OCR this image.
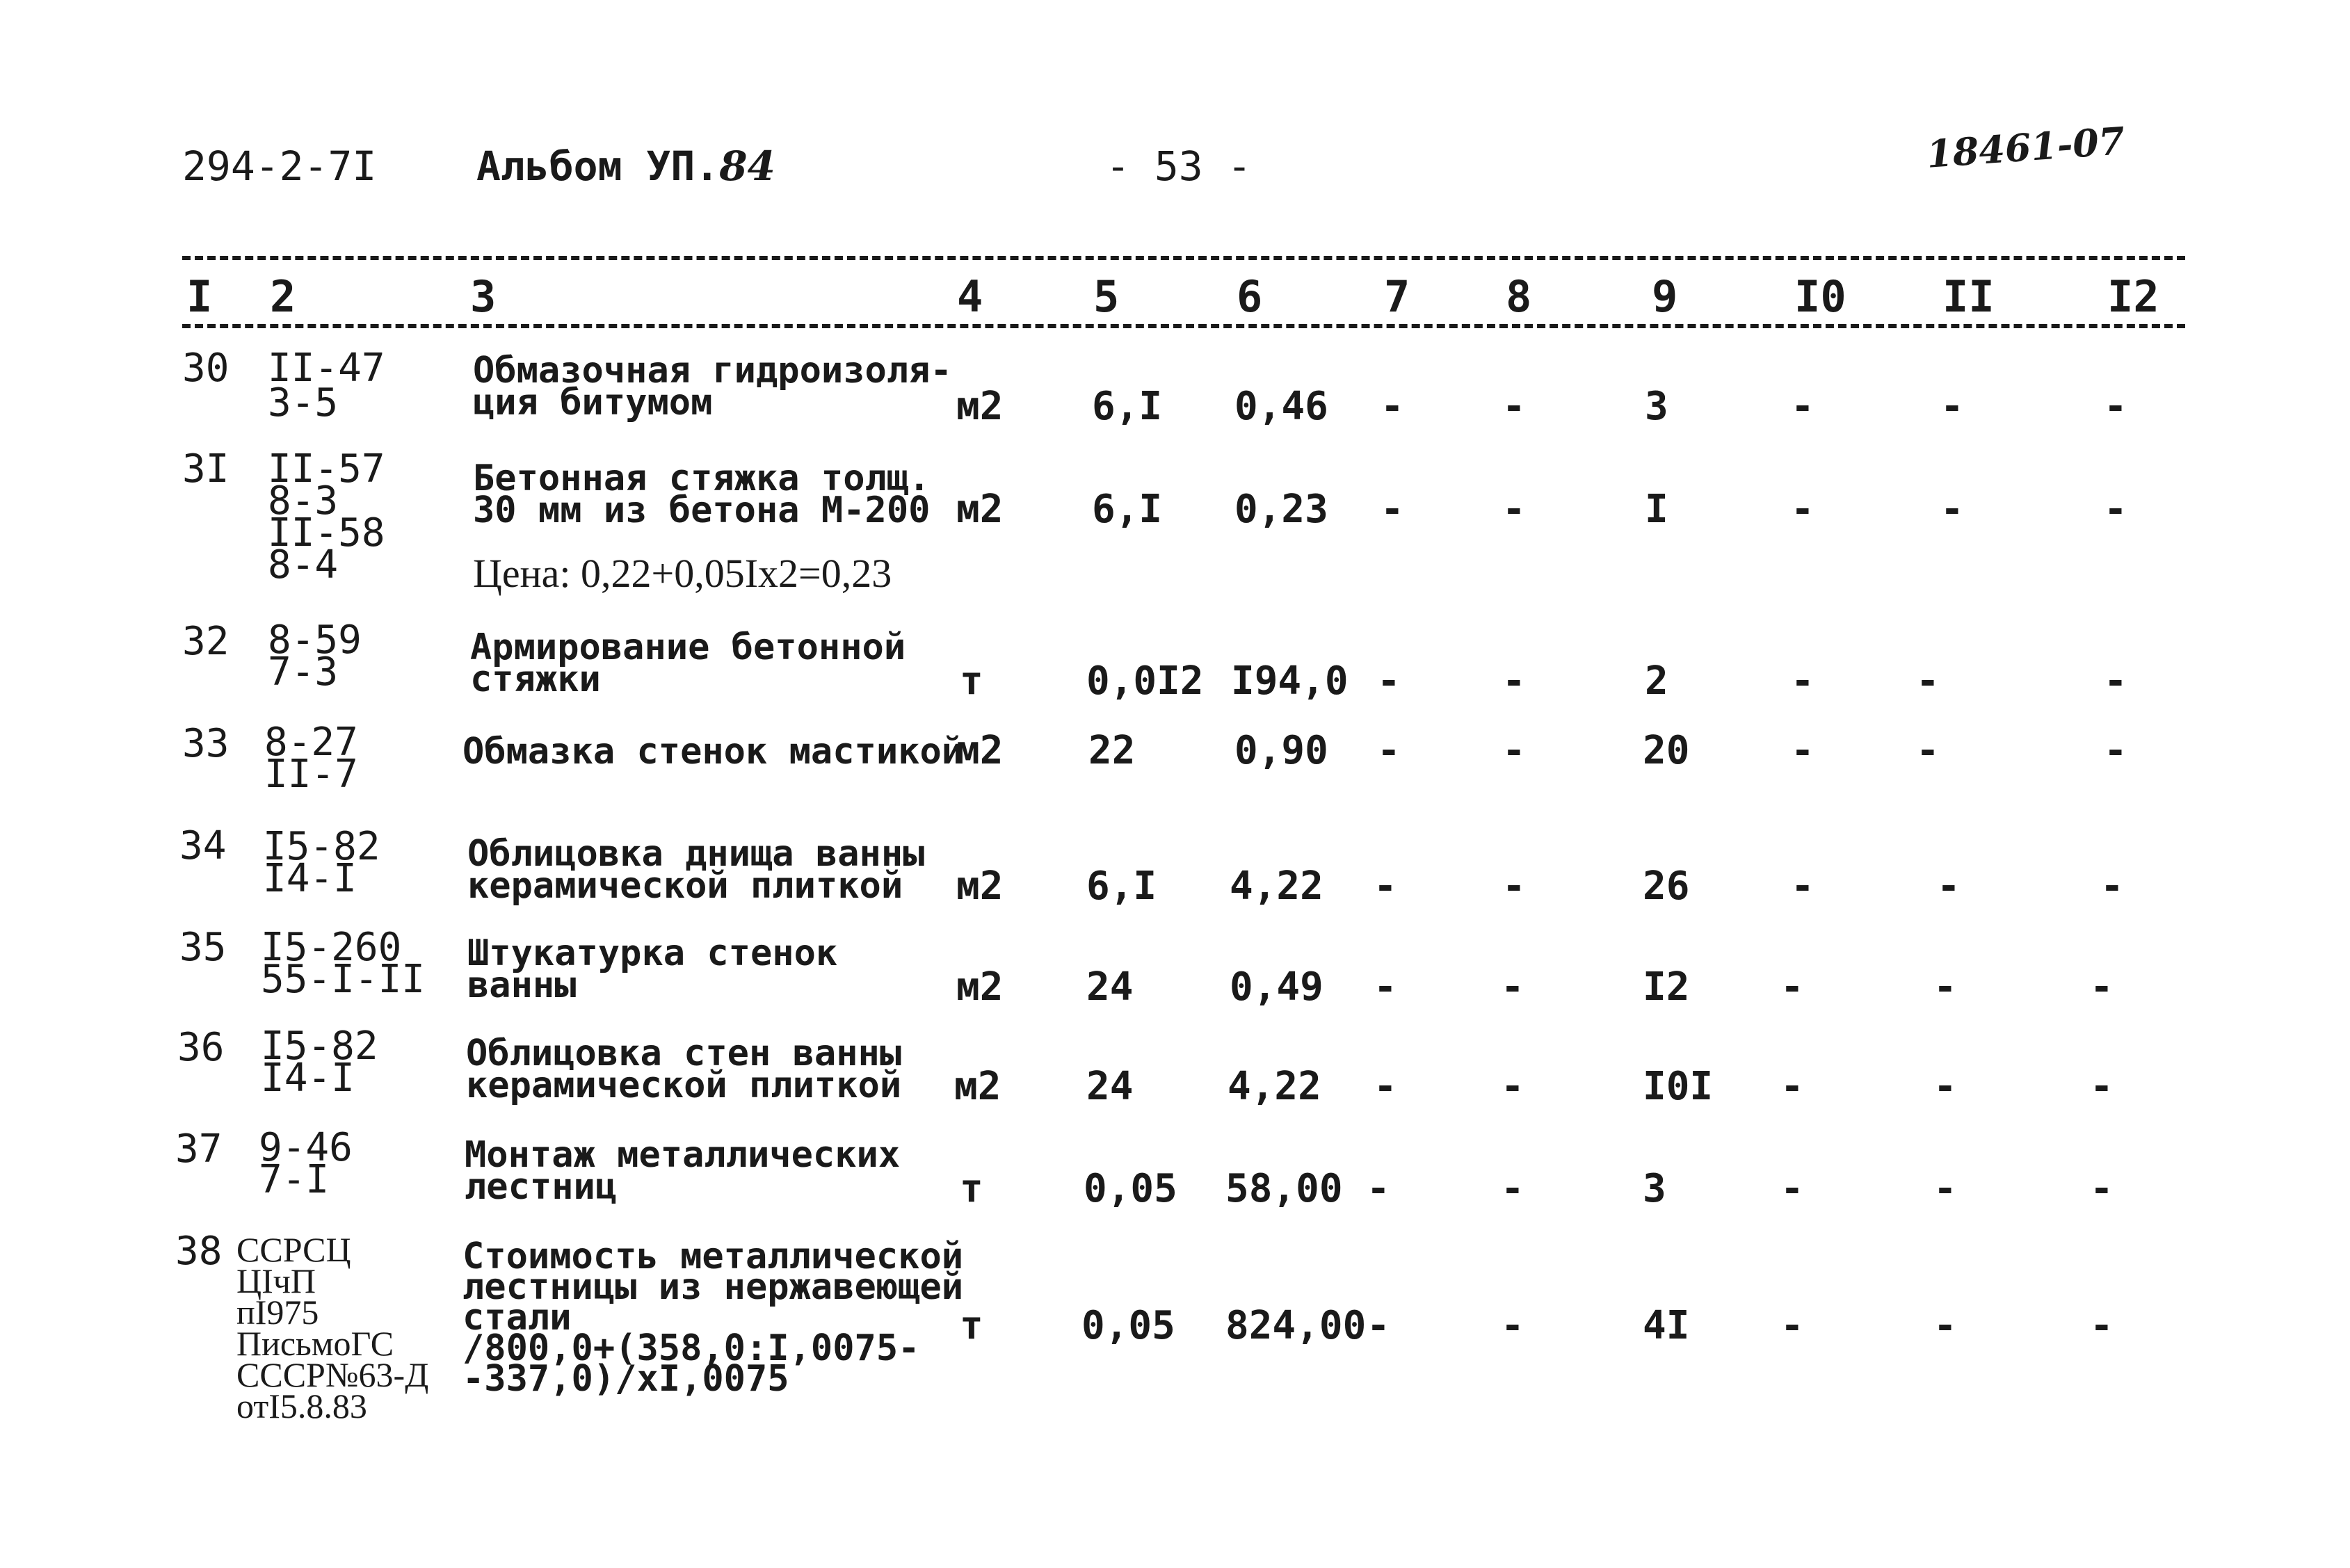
294-2-7I Альбом УП.84	- 53 -	18461-07
I 2	3	4	5	6	7 8	9	I0 II	I2
30 II-47
3-5
Обмазочная гидроизоля-
ция битумом	м2 6,I 0,46 -	-	3	-	-	-
3I II-57
8-3
II-58
8-4
Бетонная стяжка толщ.
30 мм из бетона М-200
Цена: 0,22+0,05Iх2=0,23
м2 6,I 0,23 -	-	I	-	-	-
32 8-59
7-3
Армирование бетонной
стяжки	т	0,0I2 I94,0 -	-	2	-	-	-
33 8-27
II-7	Обмазка стенок мастикой
м2 22	0,90 -	-	20	-	-	-
34 I5-82
I4-I
Облицовка днища ванны
керамической плиткой	м2 6,I 4,22 -	-	26	-	-	-
35 I5-260
55-I-II
Штукатурка стенок
ванны	м2 24 0,49 -	-	I2 -	-	-
36 I5-82
I4-I
Облицовка стен ванны
керамической плиткой м2 24 4,22 -	-	I0I -	-	-
37 9-46
7-I
Монтаж металлических
лестниц	т	0,05 58,00 -	-	3	-	-	-
38 ССРСЦ
ЦIчП
пI975
ПисьмоГС
СССР№63-Д
отI5.8.83
Стоимость металлической
лестницы из нержавеющей
стали
/800,0+(358,0:I,0075-
-337,0)/хI,0075
т	0,05 824,00 -	-	4I -	-	-
